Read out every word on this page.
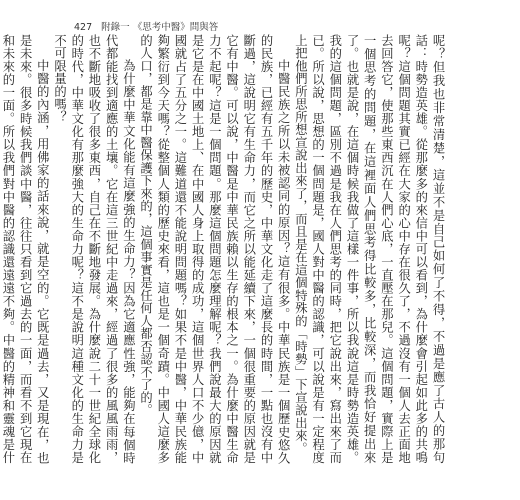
427 附錄一 《思考中醫》問與答

呢？但我也非常清楚，這並不是自己如何了不得，不過是應了古人的那句話：時勢造英雄。從那麼多的來信中可以看到，為什麼會引起如此多的共鳴呢？這個問題其實已經在大家的心中存在很久了，不過沒有一個人去正面地去回答它，使那些東西沉在人們心底，一直壓在那兒。這個問題，實際上是一個思考的問題，在這裡面人們思考得比較多，比較深，而我恰好提出來了。也就是說，在這個時候我做了這樣一件事，所以我說這是時勢造英雄。我的這個問題，區別不過是我在人們思考的同時，把它說出來，寫出來了而已。所以說，思想的一個問題是，國人對中醫的認識，可以說是有一定程度上把他們所思所想宣說出來了，而且是在這個特殊的「時勢」下宣說出來。

中醫民族之所以未被認同的原因？這有很多。中華民族是一個歷史悠久的民族，已經有五千年的歷史，中華文化走了這麼長的時間，一點也沒有中斷過，這說明它有生命力，而它之所以能延續下來，一個很重要的原因就是它有中醫。可以說，中醫是中華民族賴以生存的根本之一。為什麼中醫生命力不起呢？這是一個問題。那麼這個問題怎麼理解呢？我們說最大的原因就是它是在中國土地上、在中國人身上取得的成功，這個世界人口不少億，中國就占了五分之一。這難道還不能說明問題嗎？如果不是中醫，中華民族能夠繁衍到今天嗎？從整個人類的歷史來看，這也是一個奇蹟。中國人這麼多的人口，都是靠中醫保護下來的，這個事實是任何人都否認不了的。

為什麼中華文化能有這麼強的生命力？因為它適應性強，能夠在每個時代都能找到適應的土壤。它在這三世紀中走過來，經過了很多的風風雨雨，也不斷地吸收了很多東西，自己在不斷地發展。為什麼說二十一世紀全球化的時代，中華文化有那麼強大的生命力呢？這不是說明這種文化的生命力是不可限量的嗎？

中醫的內涵，用佛家的話來說，就是空的。它既是過去，又是現在，也是未來。很多時候我們談中醫，往往只看到它過去的一面，而看不到它現在和未來的一面。所以我們對中醫的認識還遠遠不夠。中醫的精神和靈魂是什
